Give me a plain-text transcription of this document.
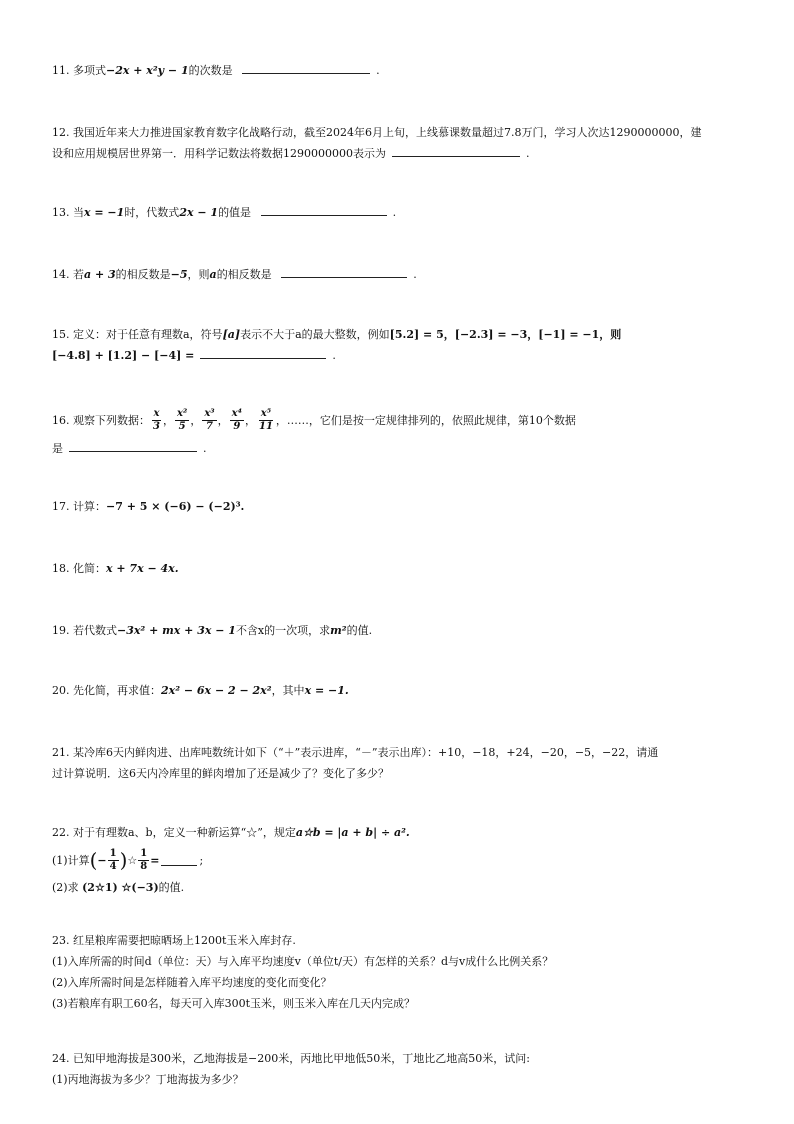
11. 多项式−2x + x²y − 1的次数是	.
12. 我国近年来大力推进国家教育数字化战略行动，截至2024年6月上旬，上线慕课数量超过7.8万门，学习人次达1290000000，建
设和应用规模居世界第一．用科学记数法将数据1290000000表示为	.
13. 当x = −1时，代数式2x − 1的值是	.
14. 若a + 3的相反数是−5，则a的相反数是	.
15. 定义：对于任意有理数a，符号[a]表示不大于a的最大整数，例如[5.2] = 5，[−2.3] = −3，[−1] = −1，则
[−4.8] + [1.2] − [−4] =	.
16.
观察下列数据： $\frac{x}{3}$ ， $\frac{\text{x²}}{5}$ ， $\frac{\text{x³}}{7}$ ， $\frac{\text{x⁴}}{9}$ ， $\frac{\text{x⁵}}{11}$ ，……，它们是按一定规律排列的，依照此规律，第10个数据
是	.
17. 计算：−7 + 5 × (−6) − (−2)³.
18. 化简：x + 7x − 4x.
19. 若代数式−3x² + mx + 3x − 1不含x的一次项，求m²的值.
20. 先化简，再求值：2x² − 6x − 2 − 2x²，其中x = −1.
21. 某冷库6天内鲜肉进、出库吨数统计如下（“＋”表示进库，“－”表示出库）：+10，−18，+24，−20，−5，−22，请通
过计算说明．这6天内冷库里的鲜肉增加了还是减少了？变化了多少？
22. 对于有理数a、b，定义一种新运算“☆”，规定a☆b = |a + b| ÷ a².
(1)计算 ( − $\frac{1}{4}$ ) ☆ $\frac{1}{8}$ =	;
(2)求 (2☆1) ☆(−3)的值.
23. 红星粮库需要把晾晒场上1200t玉米入库封存.
(1)入库所需的时间d（单位：天）与入库平均速度v（单位t/天）有怎样的关系？d与v成什么比例关系？
(2)入库所需时间是怎样随着入库平均速度的变化而变化？
(3)若粮库有职工60名，每天可入库300t玉米，则玉米入库在几天内完成？
24. 已知甲地海拔是300米，乙地海拔是−200米，丙地比甲地低50米，丁地比乙地高50米，试问:
(1)丙地海拔为多少？丁地海拔为多少？
